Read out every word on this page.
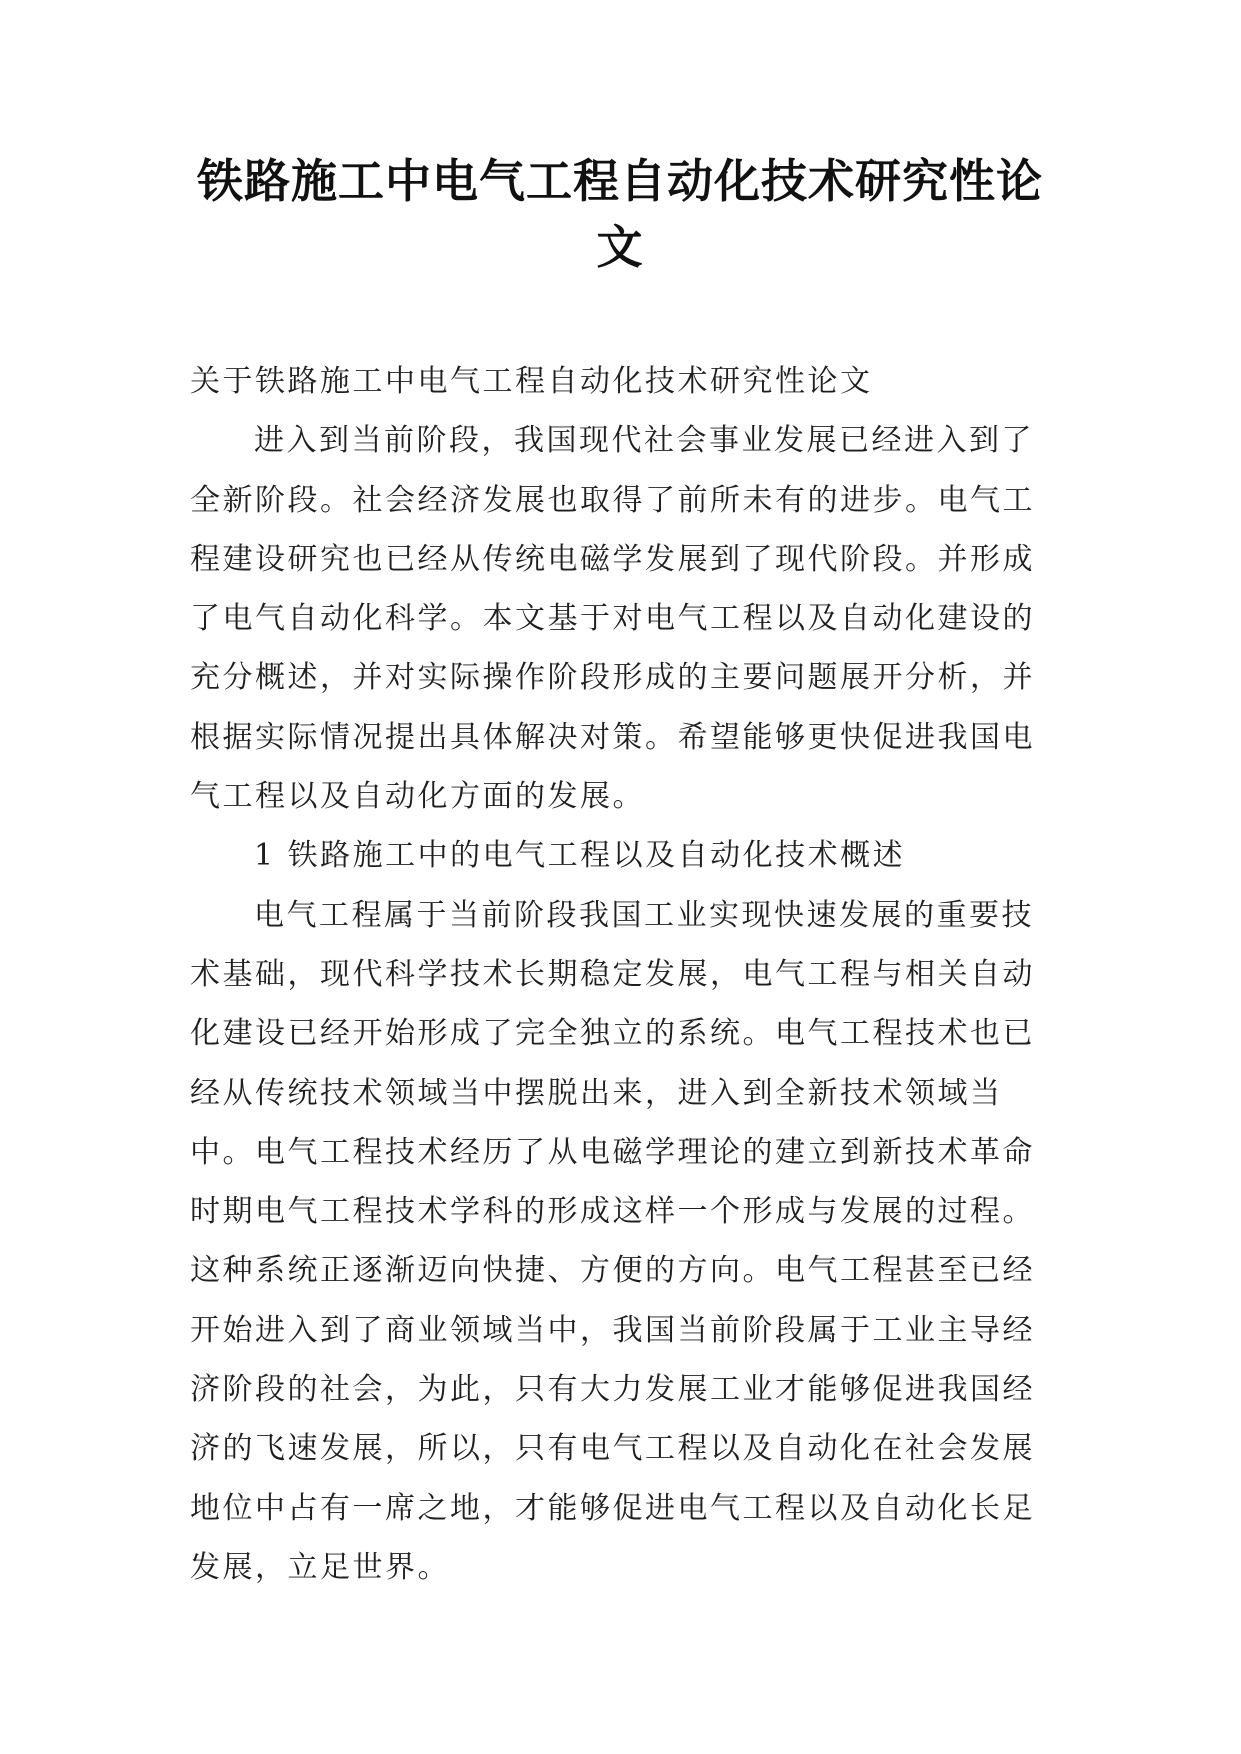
铁路施工中电气工程自动化技术研究性论文

关于铁路施工中电气工程自动化技术研究性论文

进入到当前阶段，我国现代社会事业发展已经进入到了全新阶段。社会经济发展也取得了前所未有的进步。电气工程建设研究也已经从传统电磁学发展到了现代阶段。并形成了电气自动化科学。本文基于对电气工程以及自动化建设的充分概述，并对实际操作阶段形成的主要问题展开分析，并根据实际情况提出具体解决对策。希望能够更快促进我国电气工程以及自动化方面的发展。

1 铁路施工中的电气工程以及自动化技术概述

电气工程属于当前阶段我国工业实现快速发展的重要技术基础，现代科学技术长期稳定发展，电气工程与相关自动化建设已经开始形成了完全独立的系统。电气工程技术也已经从传统技术领域当中摆脱出来，进入到全新技术领域当中。电气工程技术经历了从电磁学理论的建立到新技术革命时期电气工程技术学科的形成这样一个形成与发展的过程。这种系统正逐渐迈向快捷、方便的方向。电气工程甚至已经开始进入到了商业领域当中，我国当前阶段属于工业主导经济阶段的社会，为此，只有大力发展工业才能够促进我国经济的飞速发展，所以，只有电气工程以及自动化在社会发展地位中占有一席之地，才能够促进电气工程以及自动化长足发展，立足世界。
